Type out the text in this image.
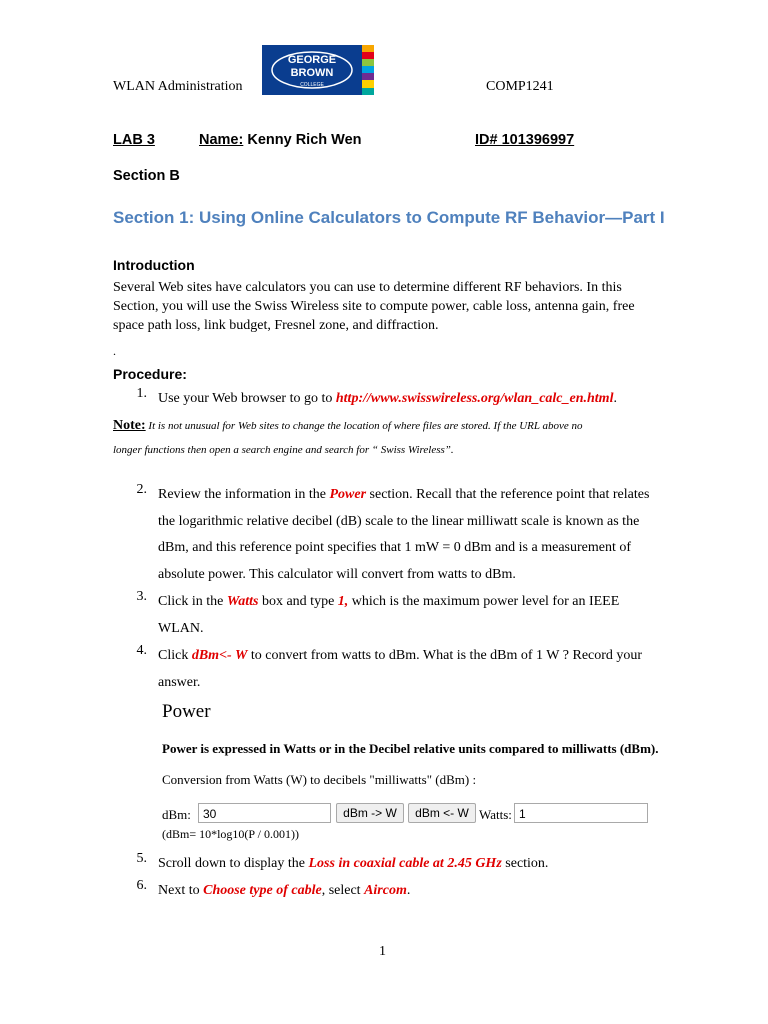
WLAN Administration
GEORGE
BROWN
COLLEGE	COMP1241
LAB 3	Name: Kenny Rich Wen	ID# 101396997
Section B
Section 1: Using Online Calculators to Compute RF Behavior—Part I
Introduction
Several Web sites have calculators you can use to determine different RF behaviors. In this Section, you will use the Swiss Wireless site to compute power, cable loss, antenna gain, free space path loss, link budget, Fresnel zone, and diffraction.
.
Procedure:
1. Use your Web browser to go to http://www.swisswireless.org/wlan_calc_en.html.
Note: It is not unusual for Web sites to change the location of where files are stored. If the URL above no
longer functions then open a search engine and search for “ Swiss Wireless”.
2. Review the information in the Power section. Recall that the reference point that relates the logarithmic relative decibel (dB) scale to the linear milliwatt scale is known as the dBm, and this reference point specifies that 1 mW = 0 dBm and is a measurement of absolute power. This calculator will convert from watts to dBm.
3. Click in the Watts box and type 1, which is the maximum power level for an IEEE WLAN.
4. Click dBm<- W to convert from watts to dBm. What is the dBm of 1 W ? Record your answer.
Power
Power is expressed in Watts or in the Decibel relative units compared to milliwatts (dBm).
Conversion from Watts (W) to decibels "milliwatts" (dBm) :
dBm:	30	dBm -> W	dBm <- W Watts: 1
(dBm= 10*log10(P / 0.001))
5. Scroll down to display the Loss in coaxial cable at 2.45 GHz section.
6. Next to Choose type of cable, select Aircom.
1
